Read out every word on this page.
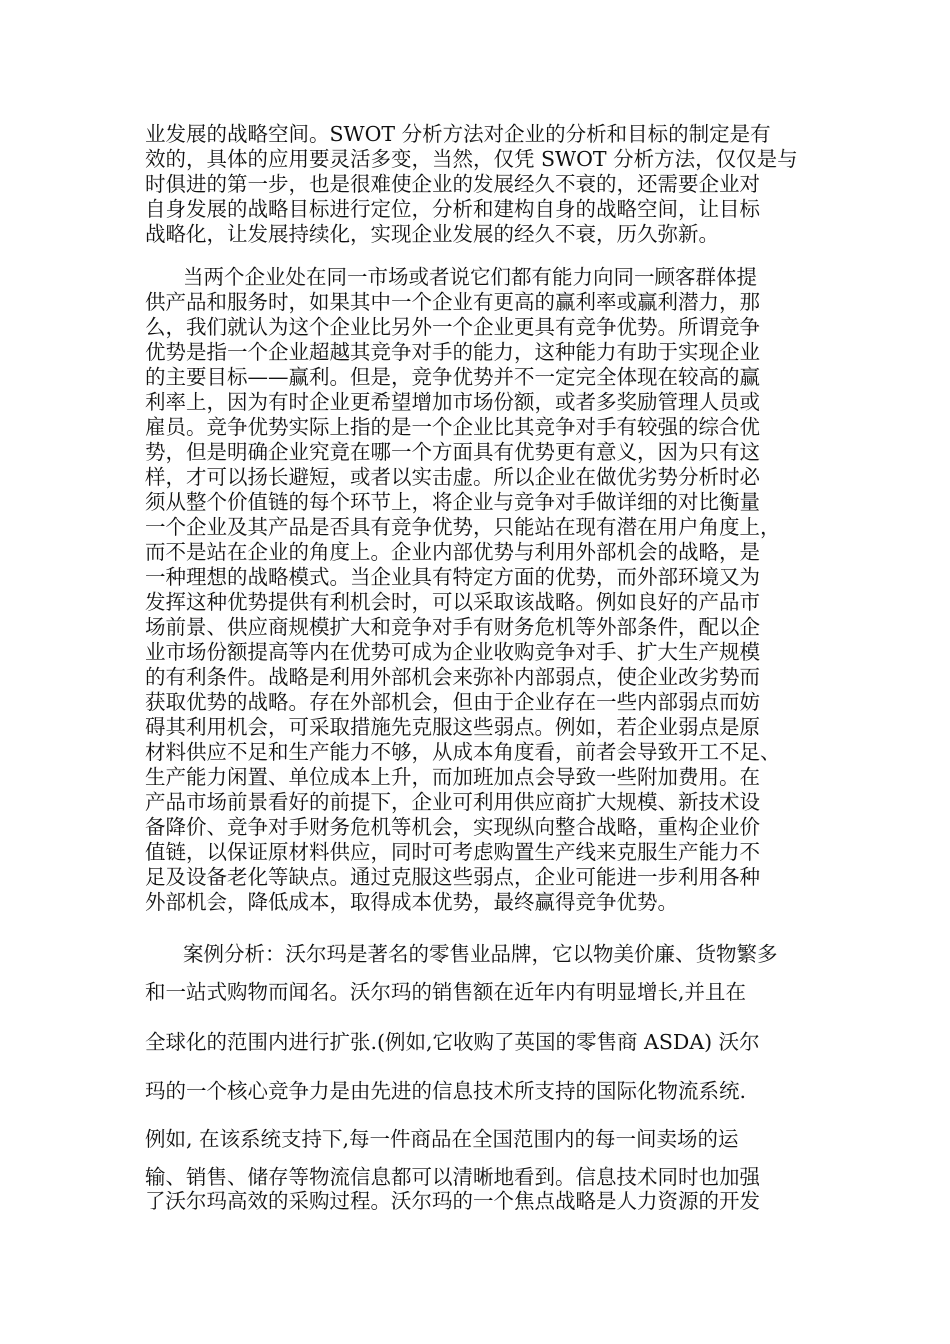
业发展的战略空间。SWOT 分析方法对企业的分析和目标的制定是有
效的，具体的应用要灵活多变，当然，仅凭 SWOT 分析方法，仅仅是与
时俱进的第一步，也是很难使企业的发展经久不衰的，还需要企业对
自身发展的战略目标进行定位，分析和建构自身的战略空间，让目标
战略化，让发展持续化，实现企业发展的经久不衰，历久弥新。
当两个企业处在同一市场或者说它们都有能力向同一顾客群体提
供产品和服务时，如果其中一个企业有更高的赢利率或赢利潜力，那
么，我们就认为这个企业比另外一个企业更具有竞争优势。所谓竞争
优势是指一个企业超越其竞争对手的能力，这种能力有助于实现企业
的主要目标——赢利。但是，竞争优势并不一定完全体现在较高的赢
利率上，因为有时企业更希望增加市场份额，或者多奖励管理人员或
雇员。竞争优势实际上指的是一个企业比其竞争对手有较强的综合优
势，但是明确企业究竟在哪一个方面具有优势更有意义，因为只有这
样，才可以扬长避短，或者以实击虚。所以企业在做优劣势分析时必
须从整个价值链的每个环节上，将企业与竞争对手做详细的对比衡量
一个企业及其产品是否具有竞争优势，只能站在现有潜在用户角度上，
而不是站在企业的角度上。企业内部优势与利用外部机会的战略，是
一种理想的战略模式。当企业具有特定方面的优势，而外部环境又为
发挥这种优势提供有利机会时，可以采取该战略。例如良好的产品市
场前景、供应商规模扩大和竞争对手有财务危机等外部条件，配以企
业市场份额提高等内在优势可成为企业收购竞争对手、扩大生产规模
的有利条件。战略是利用外部机会来弥补内部弱点，使企业改劣势而
获取优势的战略。存在外部机会，但由于企业存在一些内部弱点而妨
碍其利用机会，可采取措施先克服这些弱点。例如，若企业弱点是原
材料供应不足和生产能力不够，从成本角度看，前者会导致开工不足、
生产能力闲置、单位成本上升，而加班加点会导致一些附加费用。在
产品市场前景看好的前提下，企业可利用供应商扩大规模、新技术设
备降价、竞争对手财务危机等机会，实现纵向整合战略，重构企业价
值链，以保证原材料供应，同时可考虑购置生产线来克服生产能力不
足及设备老化等缺点。通过克服这些弱点，企业可能进一步利用各种
外部机会，降低成本，取得成本优势，最终赢得竞争优势。
案例分析：沃尔玛是著名的零售业品牌，它以物美价廉、货物繁多
和一站式购物而闻名。沃尔玛的销售额在近年内有明显增长,并且在
全球化的范围内进行扩张.(例如,它收购了英国的零售商 ASDA) 沃尔
玛的一个核心竞争力是由先进的信息技术所支持的国际化物流系统.
例如, 在该系统支持下,每一件商品在全国范围内的每一间卖场的运
输、销售、储存等物流信息都可以清晰地看到。信息技术同时也加强
了沃尔玛高效的采购过程。沃尔玛的一个焦点战略是人力资源的开发
